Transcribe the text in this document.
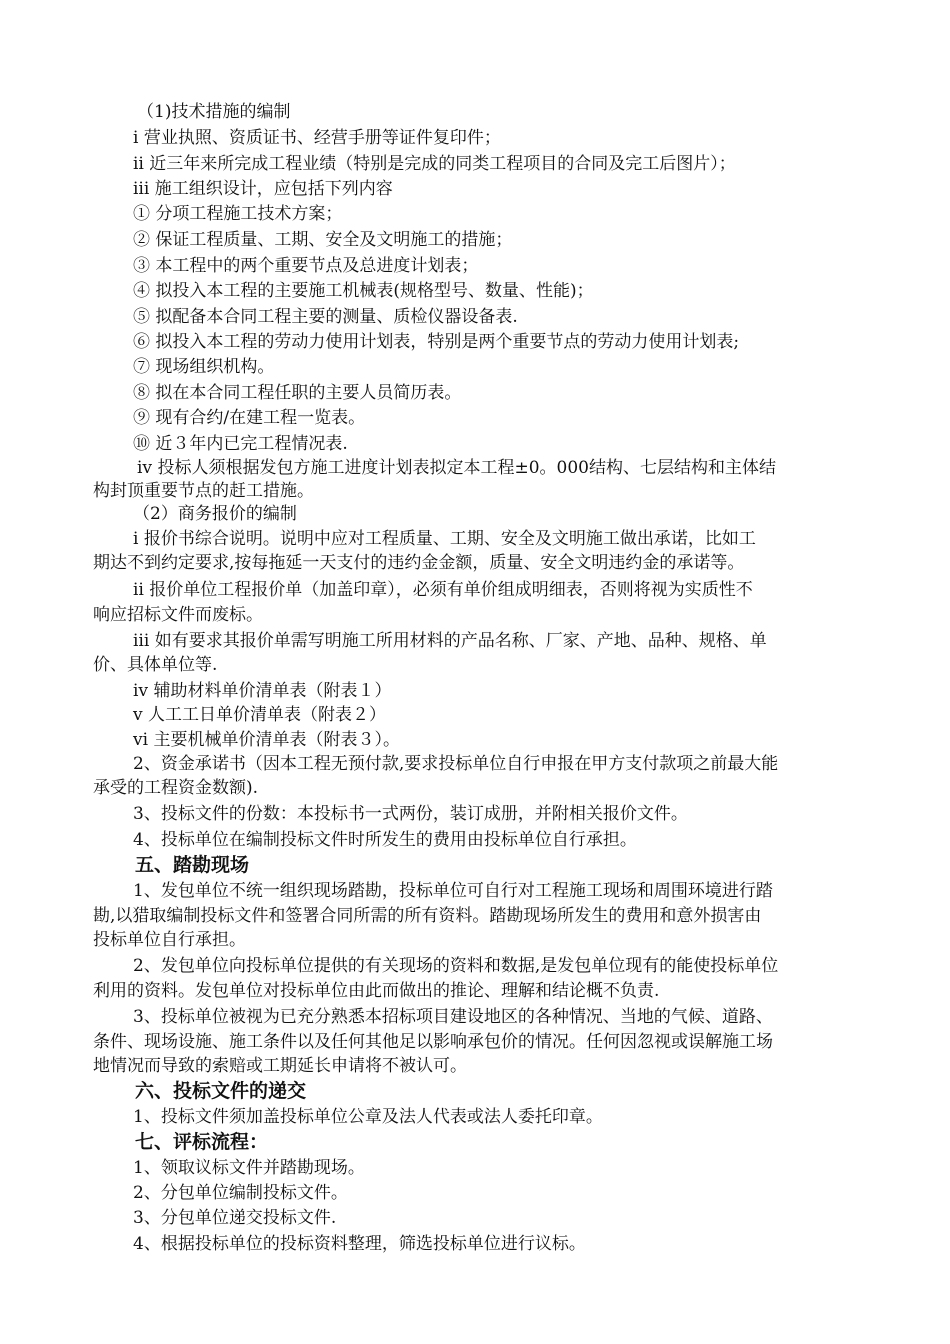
（1)技术措施的编制
ⅰ 营业执照、资质证书、经营手册等证件复印件；
ⅱ 近三年来所完成工程业绩（特别是完成的同类工程项目的合同及完工后图片）；
ⅲ 施工组织设计，应包括下列内容
① 分项工程施工技术方案；
② 保证工程质量、工期、安全及文明施工的措施；
③ 本工程中的两个重要节点及总进度计划表；
④ 拟投入本工程的主要施工机械表(规格型号、数量、性能)；
⑤ 拟配备本合同工程主要的测量、质检仪器设备表.
⑥ 拟投入本工程的劳动力使用计划表，特别是两个重要节点的劳动力使用计划表;
⑦ 现场组织机构。
⑧ 拟在本合同工程任职的主要人员简历表。
⑨ 现有合约/在建工程一览表。
⑩ 近３年内已完工程情况表.
ⅳ 投标人须根据发包方施工进度计划表拟定本工程±0。000结构、七层结构和主体结
构封顶重要节点的赶工措施。
（2）商务报价的编制
ⅰ 报价书综合说明。说明中应对工程质量、工期、安全及文明施工做出承诺，比如工
期达不到约定要求,按每拖延一天支付的违约金金额，质量、安全文明违约金的承诺等。
ⅱ 报价单位工程报价单（加盖印章），必须有单价组成明细表，否则将视为实质性不
响应招标文件而废标。
ⅲ 如有要求其报价单需写明施工所用材料的产品名称、厂家、产地、品种、规格、单
价、具体单位等.
ⅳ 辅助材料单价清单表（附表１）
ⅴ 人工工日单价清单表（附表２）
ⅵ 主要机械单价清单表（附表３）。
2、资金承诺书（因本工程无预付款,要求投标单位自行申报在甲方支付款项之前最大能
承受的工程资金数额).
3、投标文件的份数：本投标书一式两份，装订成册，并附相关报价文件。
4、投标单位在编制投标文件时所发生的费用由投标单位自行承担。
五、踏勘现场
1、发包单位不统一组织现场踏勘，投标单位可自行对工程施工现场和周围环境进行踏
勘,以猎取编制投标文件和签署合同所需的所有资料。踏勘现场所发生的费用和意外损害由
投标单位自行承担。
2、发包单位向投标单位提供的有关现场的资料和数据,是发包单位现有的能使投标单位
利用的资料。发包单位对投标单位由此而做出的推论、理解和结论概不负责.
3、投标单位被视为已充分熟悉本招标项目建设地区的各种情况、当地的气候、道路、
条件、现场设施、施工条件以及任何其他足以影响承包价的情况。任何因忽视或误解施工场
地情况而导致的索赔或工期延长申请将不被认可。
六、投标文件的递交
1、投标文件须加盖投标单位公章及法人代表或法人委托印章。
七、评标流程：
1、领取议标文件并踏勘现场。
2、分包单位编制投标文件。
3、分包单位递交投标文件.
4、根据投标单位的投标资料整理，筛选投标单位进行议标。
